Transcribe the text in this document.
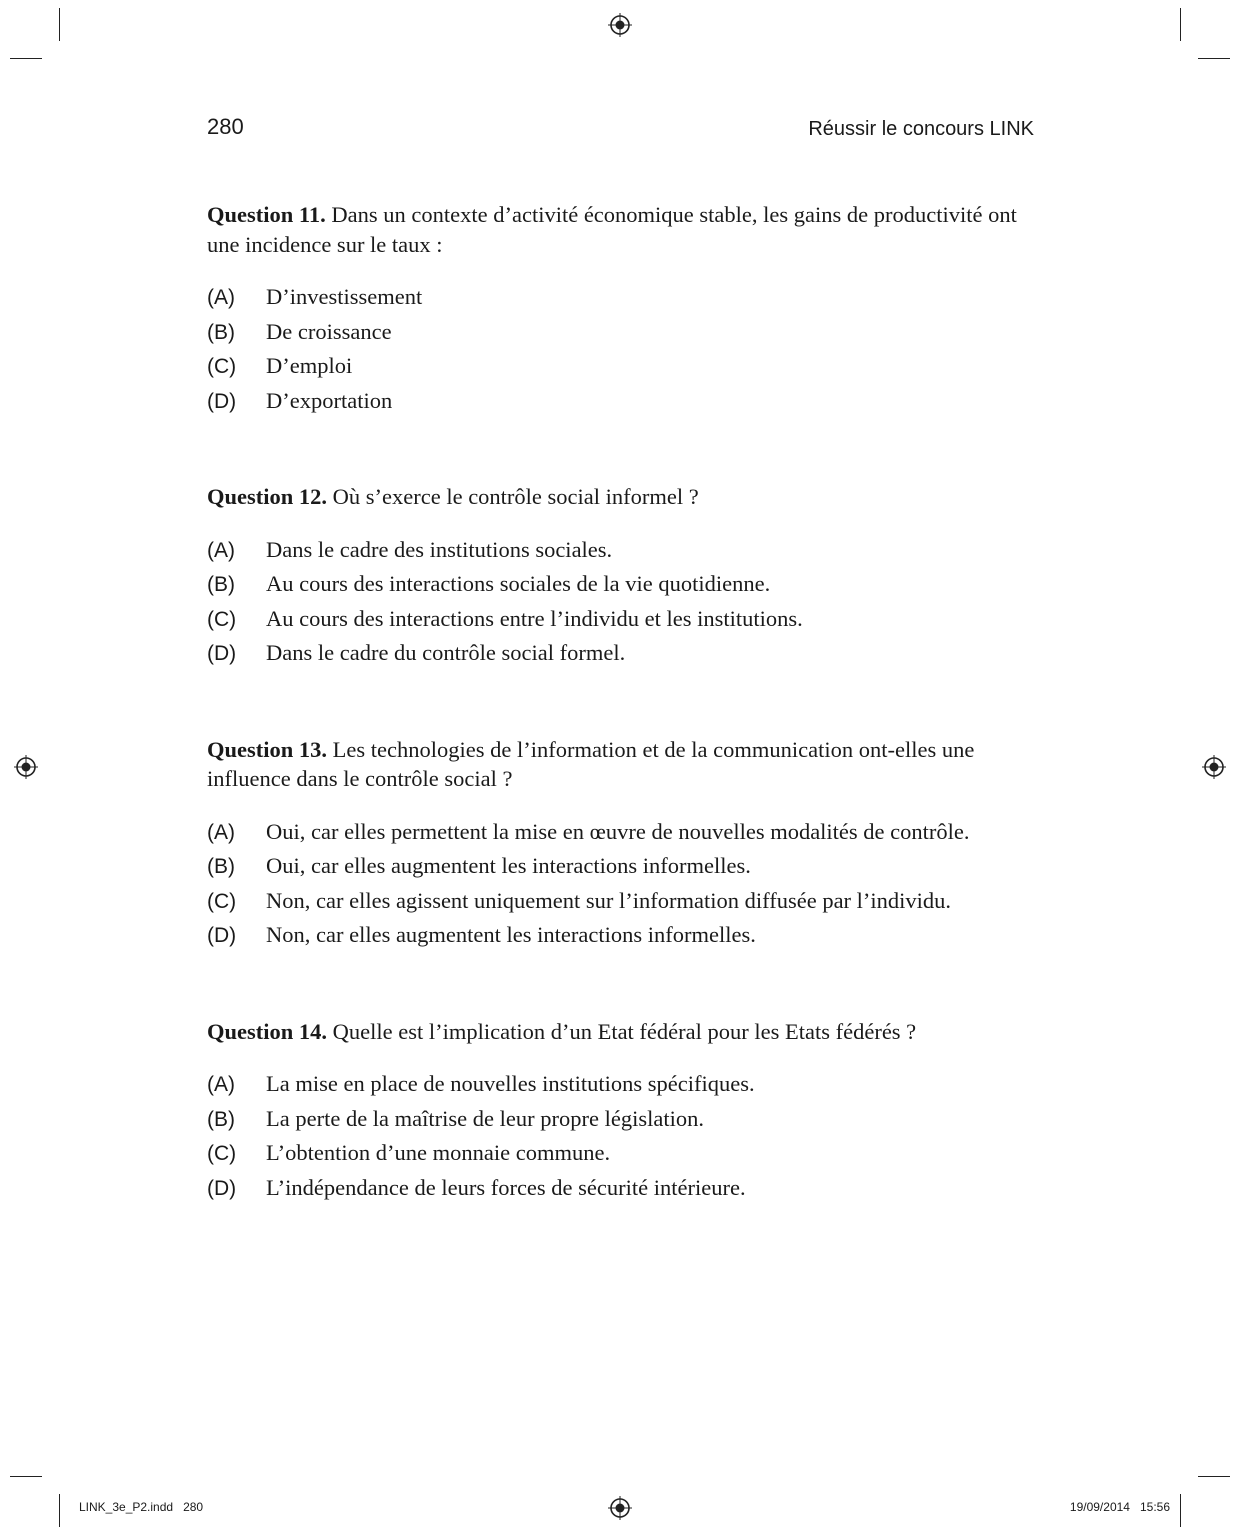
280	Réussir le concours LINK

Question 11. Dans un contexte d’activité économique stable, les gains de productivité ont une incidence sur le taux :

(A)	D’investissement
(B)	De croissance
(C)	D’emploi
(D)	D’exportation

Question 12. Où s’exerce le contrôle social informel ?

(A)	Dans le cadre des institutions sociales.
(B)	Au cours des interactions sociales de la vie quotidienne.
(C)	Au cours des interactions entre l’individu et les institutions.
(D)	Dans le cadre du contrôle social formel.

Question 13. Les technologies de l’information et de la communication ont-elles une influence dans le contrôle social ?

(A)	Oui, car elles permettent la mise en œuvre de nouvelles modalités de contrôle.
(B)	Oui, car elles augmentent les interactions informelles.
(C)	Non, car elles agissent uniquement sur l’information diffusée par l’individu.
(D)	Non, car elles augmentent les interactions informelles.

Question 14. Quelle est l’implication d’un Etat fédéral pour les Etats fédérés ?

(A)	La mise en place de nouvelles institutions spécifiques.
(B)	La perte de la maîtrise de leur propre législation.
(C)	L’obtention d’une monnaie commune.
(D)	L’indépendance de leurs forces de sécurité intérieure.
LINK_3e_P2.indd   280	19/09/2014   15:56
